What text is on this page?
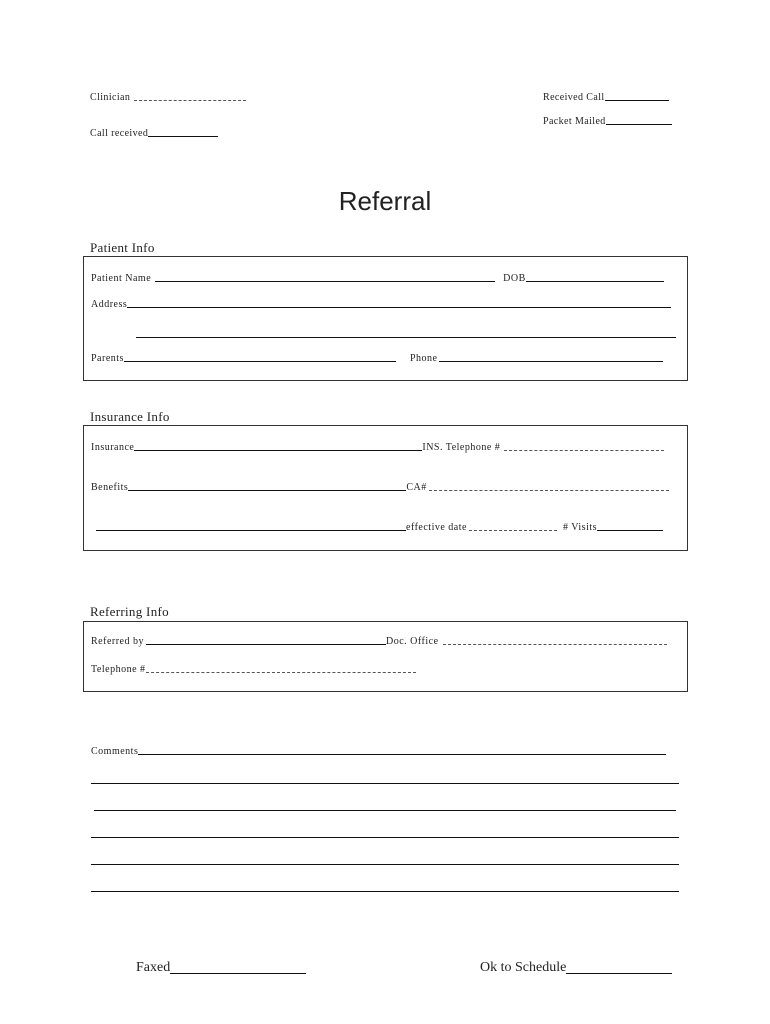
Clinician
Call received
Received Call
Packet Mailed
Referral
Patient Info
Patient Name	DOB
Address
Parents	Phone
Insurance Info
Insurance	INS. Telephone #
Benefits	CA#
effective date	# Visits
Referring Info
Referred by	Doc. Office
Telephone #
Comments
Faxed	Ok to Schedule
